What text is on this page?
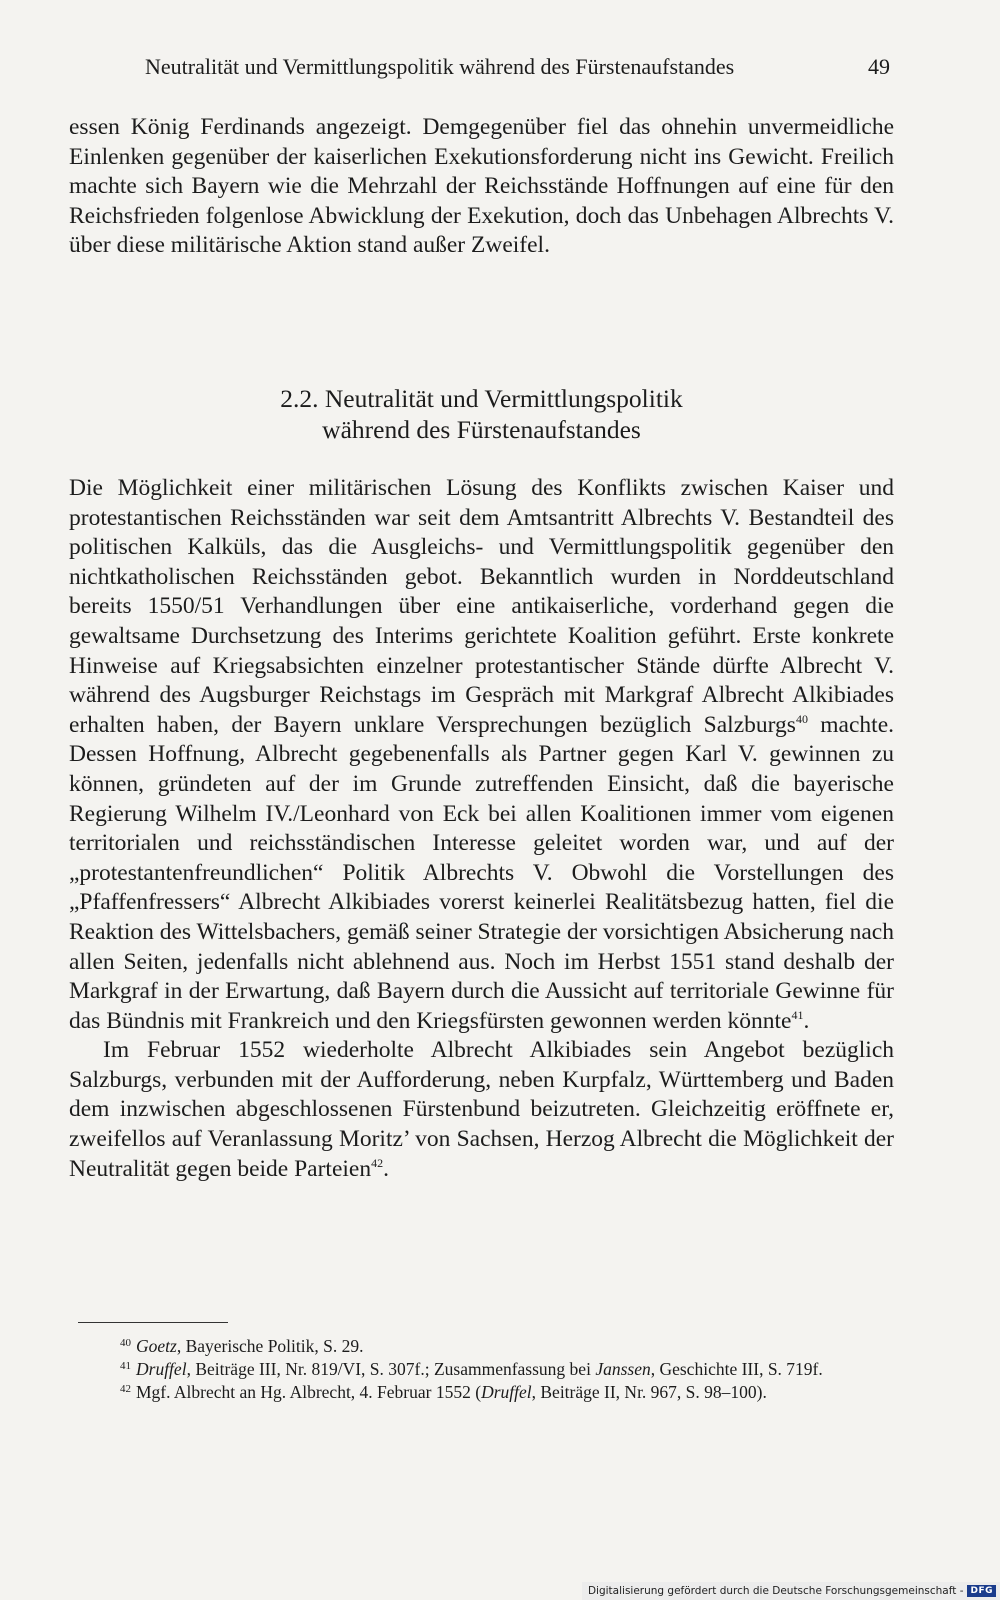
Neutralität und Vermittlungspolitik während des Fürstenaufstandes	49
essen König Ferdinands angezeigt. Demgegenüber fiel das ohnehin unvermeidliche Einlenken gegenüber der kaiserlichen Exekutionsforderung nicht ins Gewicht. Freilich machte sich Bayern wie die Mehrzahl der Reichsstände Hoffnungen auf eine für den Reichsfrieden folgenlose Abwicklung der Exekution, doch das Unbehagen Albrechts V. über diese militärische Aktion stand außer Zweifel.
2.2. Neutralität und Vermittlungspolitik
während des Fürstenaufstandes

Die Möglichkeit einer militärischen Lösung des Konflikts zwischen Kaiser und protestantischen Reichsständen war seit dem Amtsantritt Albrechts V. Bestandteil des politischen Kalküls, das die Ausgleichs- und Vermittlungspolitik gegenüber den nichtkatholischen Reichsständen gebot. Bekanntlich wurden in Norddeutschland bereits 1550/51 Verhandlungen über eine antikaiserliche, vorderhand gegen die gewaltsame Durchsetzung des Interims gerichtete Koalition geführt. Erste konkrete Hinweise auf Kriegsabsichten einzelner protestantischer Stände dürfte Albrecht V. während des Augsburger Reichstags im Gespräch mit Markgraf Albrecht Alkibiades erhalten haben, der Bayern unklare Versprechungen bezüglich Salzburgs$^{40}$ machte. Dessen Hoffnung, Albrecht gegebenenfalls als Partner gegen Karl V. gewinnen zu können, gründeten auf der im Grunde zutreffenden Einsicht, daß die bayerische Regierung Wilhelm IV./Leonhard von Eck bei allen Koalitionen immer vom eigenen territorialen und reichsständischen Interesse geleitet worden war, und auf der „protestantenfreundlichen“ Politik Albrechts V. Obwohl die Vorstellungen des „Pfaffenfressers“ Albrecht Alkibiades vorerst keinerlei Realitätsbezug hatten, fiel die Reaktion des Wittelsbachers, gemäß seiner Strategie der vorsichtigen Absicherung nach allen Seiten, jedenfalls nicht ablehnend aus. Noch im Herbst 1551 stand deshalb der Markgraf in der Erwartung, daß Bayern durch die Aussicht auf territoriale Gewinne für das Bündnis mit Frankreich und den Kriegsfürsten gewonnen werden könnte$^{41}$.

Im Februar 1552 wiederholte Albrecht Alkibiades sein Angebot bezüglich Salzburgs, verbunden mit der Aufforderung, neben Kurpfalz, Württemberg und Baden dem inzwischen abgeschlossenen Fürstenbund beizutreten. Gleichzeitig eröffnete er, zweifellos auf Veranlassung Moritz’ von Sachsen, Herzog Albrecht die Möglichkeit der Neutralität gegen beide Parteien$^{42}$.

$^{40}$ Goetz, Bayerische Politik, S. 29.

$^{41}$ Druffel, Beiträge III, Nr. 819/VI, S. 307f.; Zusammenfassung bei Janssen, Geschichte III, S. 719f.

$^{42}$ Mgf. Albrecht an Hg. Albrecht, 4. Februar 1552 (Druffel, Beiträge II, Nr. 967, S. 98–100).

Digitalisierung gefördert durch die Deutsche Forschungsgemeinschaft - DFG
